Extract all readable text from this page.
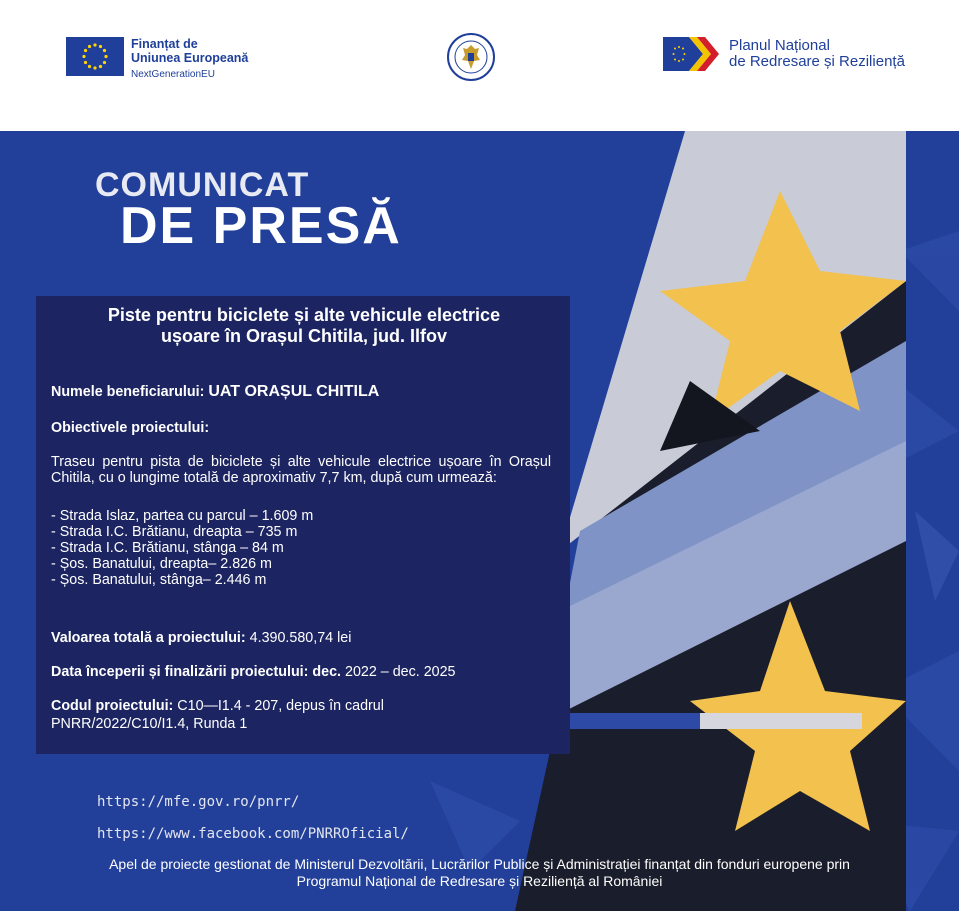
Finanțat de
Uniunea Europeană
NextGenerationEU
Planul Național
de Redresare și Reziliență
COMUNICAT
DE PRESĂ
Piste pentru biciclete și alte vehicule electrice
ușoare în Orașul Chitila, jud. Ilfov
Numele beneficiarului: UAT ORAȘUL CHITILA
Obiectivele proiectului:
Traseu pentru pista de biciclete și alte vehicule electrice ușoare în Orașul Chitila, cu o lungime totală de aproximativ 7,7 km, după cum urmează:
- Strada Islaz, partea cu parcul – 1.609 m
- Strada I.C. Brătianu, dreapta – 735 m
- Strada I.C. Brătianu, stânga – 84 m
- Șos. Banatului, dreapta– 2.826 m
- Șos. Banatului, stânga– 2.446 m
Valoarea totală a proiectului: 4.390.580,74 lei
Data începerii și finalizării proiectului: dec. 2022 – dec. 2025
Codul proiectului: C10—I1.4 - 207, depus în cadrul
PNRR/2022/C10/I1.4, Runda 1
https://mfe.gov.ro/pnrr/
https://www.facebook.com/PNRROficial/
Apel de proiecte gestionat de Ministerul Dezvoltării, Lucrărilor Publice și Administrației finanțat din fonduri europene prin
Programul Național de Redresare și Reziliență al României
